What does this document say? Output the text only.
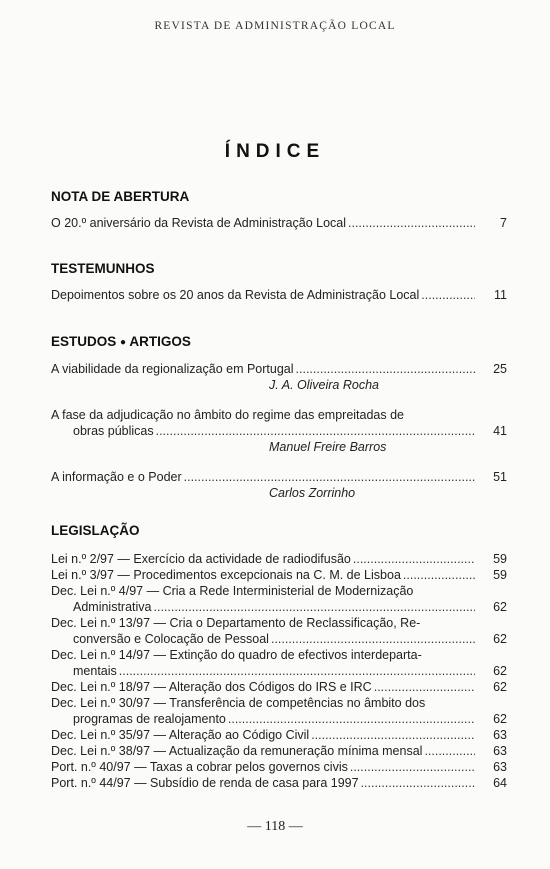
REVISTA DE ADMINISTRAÇÃO LOCAL
ÍNDICE
NOTA DE ABERTURA
O 20.º aniversário da Revista de Administração Local .....	7
TESTEMUNHOS
Depoimentos sobre os 20 anos da Revista de Administração Local .....	11
ESTUDOS ● ARTIGOS
A viabilidade da regionalização em Portugal .....	25
J. A. Oliveira Rocha
A fase da adjudicação no âmbito do regime das empreitadas de
obras públicas .....	41
Manuel Freire Barros
A informação e o Poder .....	51
Carlos Zorrinho
LEGISLAÇÃO
Lei n.º 2/97 — Exercício da actividade de radiodifusão .....	59
Lei n.º 3/97 — Procedimentos excepcionais na C. M. de Lisboa .....	59
Dec. Lei n.º 4/97 — Cria a Rede Interministerial de Modernização
Administrativa .....	62
Dec. Lei n.º 13/97 — Cria o Departamento de Reclassificação, Re-
conversão e Colocação de Pessoal .....	62
Dec. Lei n.º 14/97 — Extinção do quadro de efectivos interdeparta-
mentais .....	62
Dec. Lei n.º 18/97 — Alteração dos Códigos do IRS e IRC .....	62
Dec. Lei n.º 30/97 — Transferência de competências no âmbito dos
programas de realojamento .....	62
Dec. Lei n.º 35/97 — Alteração ao Código Civil .....	63
Dec. Lei n.º 38/97 — Actualização da remuneração mínima mensal .....	63
Port. n.º 40/97 — Taxas a cobrar pelos governos civis .....	63
Port. n.º 44/97 — Subsídio de renda de casa para 1997 .....	64
— 118 —
